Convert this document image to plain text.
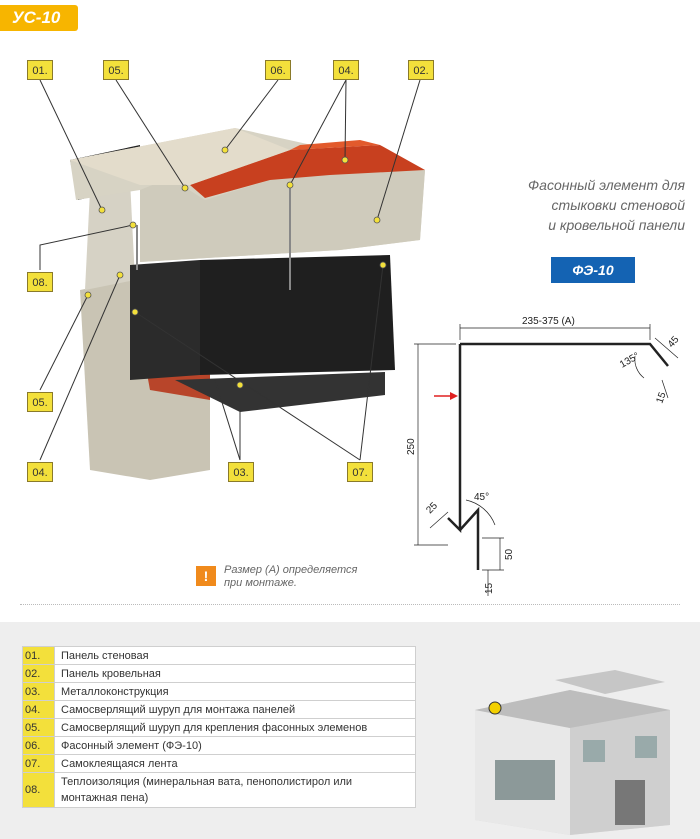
УС-10
01.	05.	06.	04.	02.
08.
05.
04.	03.	07.
Фасонный элемент для
стыковки стеновой
и кровельной панели
ФЭ-10
235-375 (А)
45
135°
15
250
25
45°
50
15
!	Размер (А) определяется
при монтаже.
01.	Панель стеновая
02.	Панель кровельная
03.	Металлоконструкция
04.	Самосверлящий шуруп для монтажа панелей
05.	Самосверлящий шуруп для крепления фасонных элеменов
06.	Фасонный элемент (ФЭ-10)
07.	Самоклеящаяся лента
08.	Теплоизоляция (минеральная вата, пенополистирол или монтажная пена)
